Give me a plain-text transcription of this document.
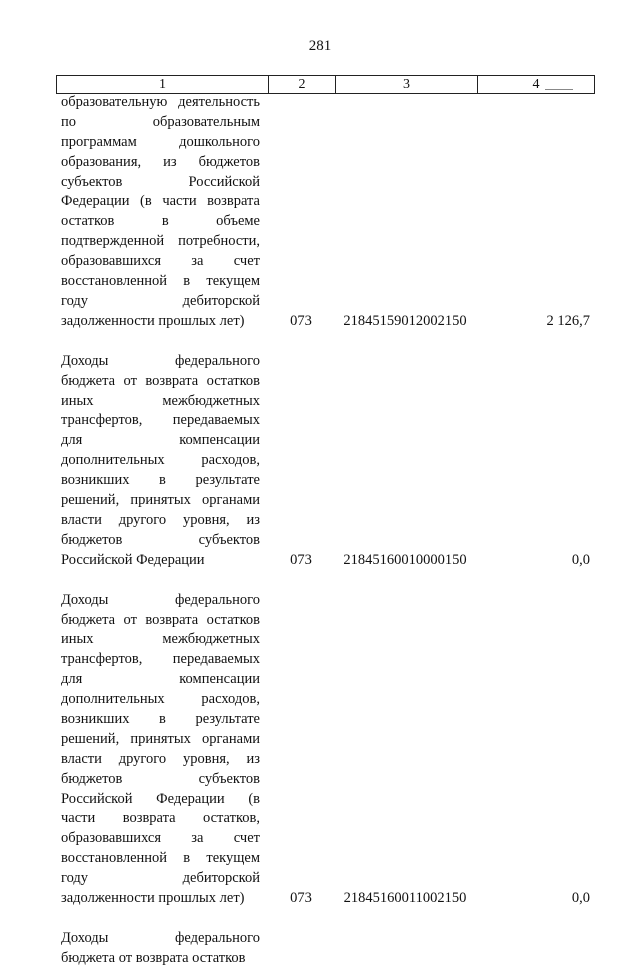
281
1	2	3	4
образовательную деятельность
по образовательным
программам дошкольного
образования, из бюджетов
субъектов Российской
Федерации (в части возврата
остатков в объеме
подтвержденной потребности,
образовавшихся за счет
восстановленной в текущем
году дебиторской
задолженности прошлых лет)	073	21845159012002150	2 126,7
Доходы федерального
бюджета от возврата остатков
иных межбюджетных
трансфертов, передаваемых
для компенсации
дополнительных расходов,
возникших в результате
решений, принятых органами
власти другого уровня, из
бюджетов субъектов
Российской Федерации	073	21845160010000150	0,0
Доходы федерального
бюджета от возврата остатков
иных межбюджетных
трансфертов, передаваемых
для компенсации
дополнительных расходов,
возникших в результате
решений, принятых органами
власти другого уровня, из
бюджетов субъектов
Российской Федерации (в
части возврата остатков,
образовавшихся за счет
восстановленной в текущем
году дебиторской
задолженности прошлых лет)	073	21845160011002150	0,0
Доходы федерального
бюджета от возврата остатков
